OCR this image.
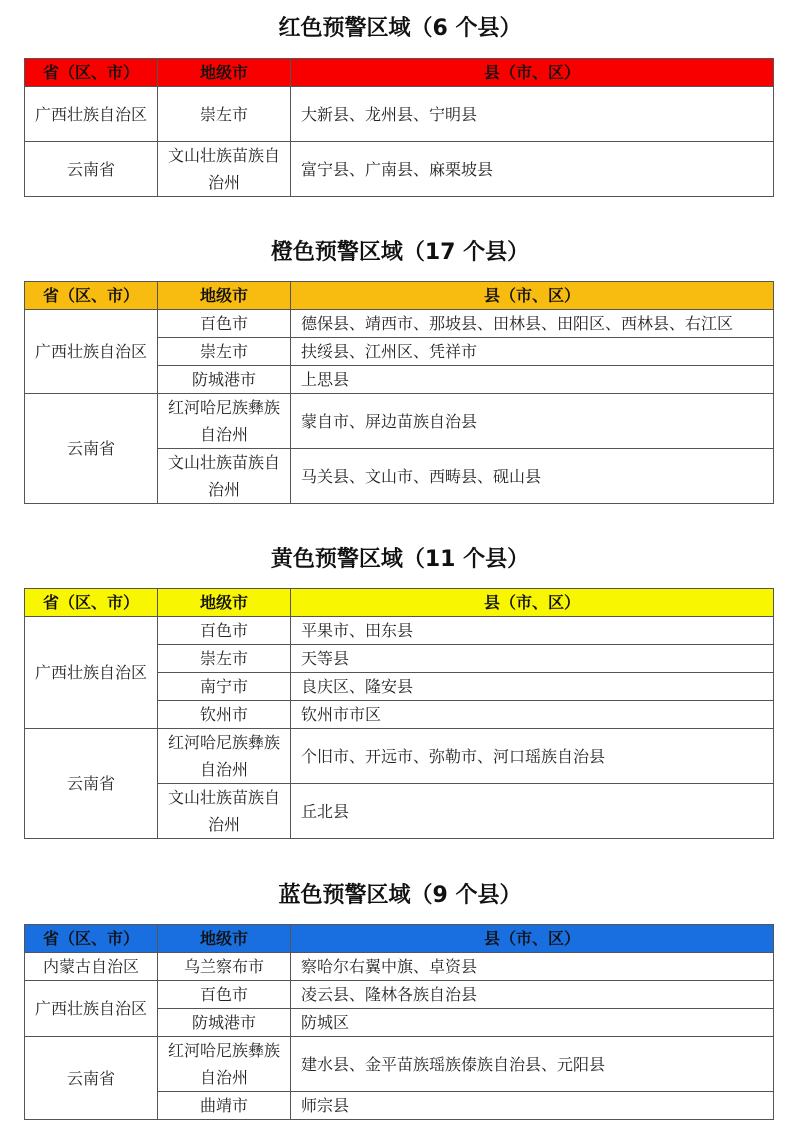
红色预警区域（6 个县）
省（区、市）	地级市	县（市、区）
广西壮族自治区	崇左市	大新县、龙州县、宁明县
云南省	文山壮族苗族自治州	富宁县、广南县、麻栗坡县
橙色预警区域（17 个县）
省（区、市）	地级市	县（市、区）
广西壮族自治区	百色市	德保县、靖西市、那坡县、田林县、田阳区、西林县、右江区
	崇左市	扶绥县、江州区、凭祥市
	防城港市	上思县
云南省	红河哈尼族彝族自治州	蒙自市、屏边苗族自治县
	文山壮族苗族自治州	马关县、文山市、西畴县、砚山县
黄色预警区域（11 个县）
省（区、市）	地级市	县（市、区）
广西壮族自治区	百色市	平果市、田东县
	崇左市	天等县
	南宁市	良庆区、隆安县
	钦州市	钦州市市区
云南省	红河哈尼族彝族自治州	个旧市、开远市、弥勒市、河口瑶族自治县
	文山壮族苗族自治州	丘北县
蓝色预警区域（9 个县）
省（区、市）	地级市	县（市、区）
内蒙古自治区	乌兰察布市	察哈尔右翼中旗、卓资县
广西壮族自治区	百色市	凌云县、隆林各族自治县
	防城港市	防城区
云南省	红河哈尼族彝族自治州	建水县、金平苗族瑶族傣族自治县、元阳县
	曲靖市	师宗县
